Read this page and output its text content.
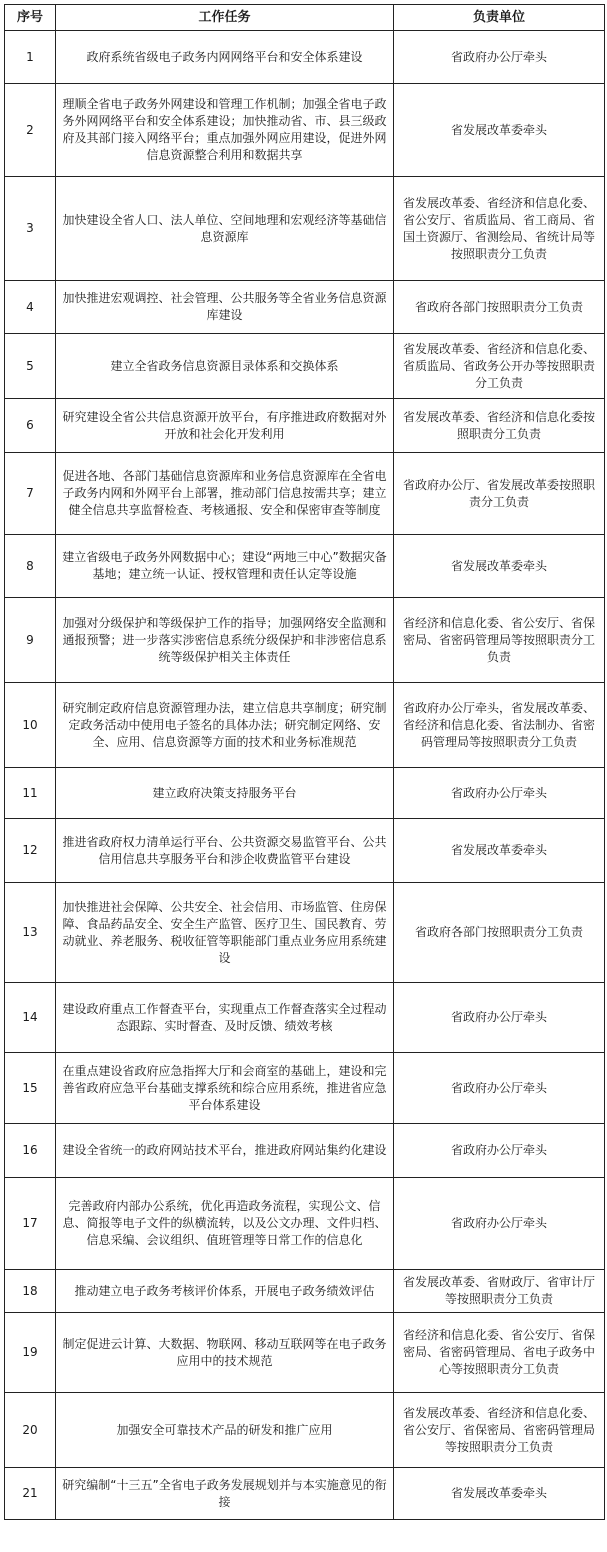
序号	工作任务	负责单位
1	政府系统省级电子政务内网网络平台和安全体系建设	省政府办公厅牵头
2	理顺全省电子政务外网建设和管理工作机制；加强全省电子政务外网网络平台和安全体系建设；加快推动省、市、县三级政府及其部门接入网络平台；重点加强外网应用建设，促进外网信息资源整合利用和数据共享	省发展改革委牵头
3	加快建设全省人口、法人单位、空间地理和宏观经济等基础信息资源库	省发展改革委、省经济和信息化委、省公安厅、省质监局、省工商局、省国土资源厅、省测绘局、省统计局等按照职责分工负责
4	加快推进宏观调控、社会管理、公共服务等全省业务信息资源库建设	省政府各部门按照职责分工负责
5	建立全省政务信息资源目录体系和交换体系	省发展改革委、省经济和信息化委、省质监局、省政务公开办等按照职责分工负责
6	研究建设全省公共信息资源开放平台，有序推进政府数据对外开放和社会化开发利用	省发展改革委、省经济和信息化委按照职责分工负责
7	促进各地、各部门基础信息资源库和业务信息资源库在全省电子政务内网和外网平台上部署，推动部门信息按需共享；建立健全信息共享监督检查、考核通报、安全和保密审查等制度	省政府办公厅、省发展改革委按照职责分工负责
8	建立省级电子政务外网数据中心；建设“两地三中心”数据灾备基地；建立统一认证、授权管理和责任认定等设施	省发展改革委牵头
9	加强对分级保护和等级保护工作的指导；加强网络安全监测和通报预警；进一步落实涉密信息系统分级保护和非涉密信息系统等级保护相关主体责任	省经济和信息化委、省公安厅、省保密局、省密码管理局等按照职责分工负责
10	研究制定政府信息资源管理办法，建立信息共享制度；研究制定政务活动中使用电子签名的具体办法；研究制定网络、安全、应用、信息资源等方面的技术和业务标准规范	省政府办公厅牵头，省发展改革委、省经济和信息化委、省法制办、省密码管理局等按照职责分工负责
11	建立政府决策支持服务平台	省政府办公厅牵头
12	推进省政府权力清单运行平台、公共资源交易监管平台、公共信用信息共享服务平台和涉企收费监管平台建设	省发展改革委牵头
13	加快推进社会保障、公共安全、社会信用、市场监管、住房保障、食品药品安全、安全生产监管、医疗卫生、国民教育、劳动就业、养老服务、税收征管等职能部门重点业务应用系统建设	省政府各部门按照职责分工负责
14	建设政府重点工作督查平台，实现重点工作督查落实全过程动态跟踪、实时督查、及时反馈、绩效考核	省政府办公厅牵头
15	在重点建设省政府应急指挥大厅和会商室的基础上，建设和完善省政府应急平台基础支撑系统和综合应用系统，推进省应急平台体系建设	省政府办公厅牵头
16	建设全省统一的政府网站技术平台，推进政府网站集约化建设	省政府办公厅牵头
17	完善政府内部办公系统，优化再造政务流程，实现公文、信息、简报等电子文件的纵横流转，以及公文办理、文件归档、信息采编、会议组织、值班管理等日常工作的信息化	省政府办公厅牵头
18	推动建立电子政务考核评价体系，开展电子政务绩效评估	省发展改革委、省财政厅、省审计厅等按照职责分工负责
19	制定促进云计算、大数据、物联网、移动互联网等在电子政务应用中的技术规范	省经济和信息化委、省公安厅、省保密局、省密码管理局、省电子政务中心等按照职责分工负责
20	加强安全可靠技术产品的研发和推广应用	省发展改革委、省经济和信息化委、省公安厅、省保密局、省密码管理局等按照职责分工负责
21	研究编制“十三五”全省电子政务发展规划并与本实施意见的衔接	省发展改革委牵头
